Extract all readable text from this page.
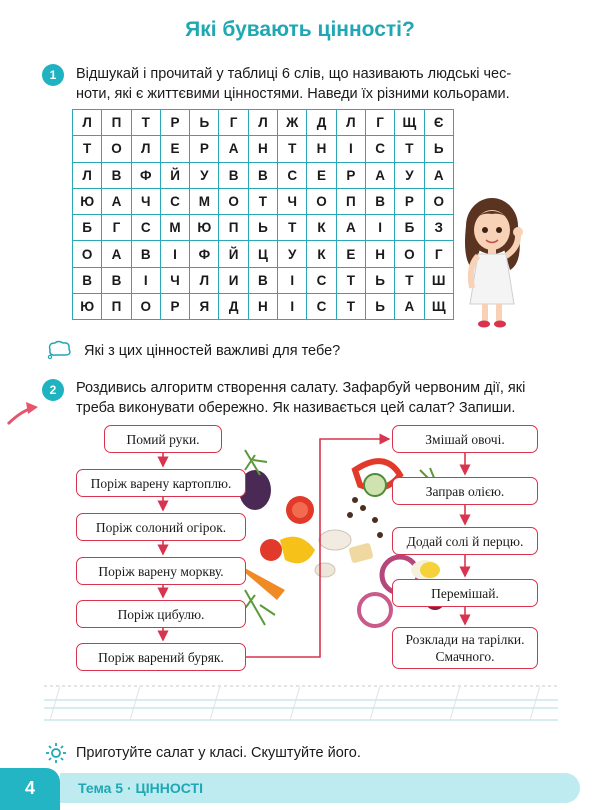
Які бувають цінності?
1	Відшукай і прочитай у таблиці 6 слів, що називають людські чес-
ноти, які є життєвими цінностями. Наведи їх різними кольорами.
Л	П	Т	Р	Ь	Г	Л	Ж	Д	Л	Г	Щ	Є
Т	О	Л	Е	Р	А	Н	Т	Н	І	С	Т	Ь
Л	В	Ф	Й	У	В	В	С	Е	Р	А	У	А
Ю	А	Ч	С	М	О	Т	Ч	О	П	В	Р	О
Б	Г	С	М	Ю	П	Ь	Т	К	А	І	Б	З
О	А	В	І	Ф	Й	Ц	У	К	Е	Н	О	Г
В	В	І	Ч	Л	И	В	І	С	Т	Ь	Т	Ш
Ю	П	О	Р	Я	Д	Н	І	С	Т	Ь	А	Щ
Які з цих цінностей важливі для тебе?
2	Роздивись алгоритм створення салату. Зафарбуй червоним дії, які
треба виконувати обережно. Як називається цей салат? Запиши.
Помий руки.
Поріж варену картоплю.
Поріж солоний огірок.
Поріж варену моркву.
Поріж цибулю.
Поріж варений буряк.
Змішай овочі.
Заправ олією.
Додай солі й перцю.
Перемішай.
Розклади на тарілки.
Смачного.
Приготуйте салат у класі. Скуштуйте його.
4	Тема 5 · ЦІННОСТІ
